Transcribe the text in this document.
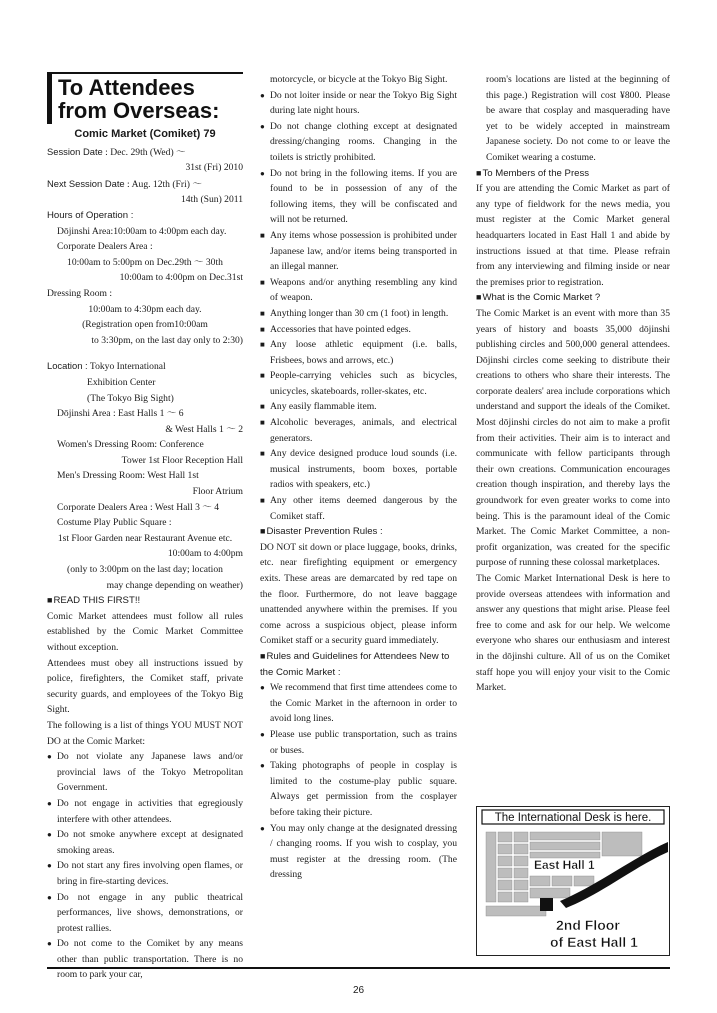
To Attendees
from Overseas:
Comic Market (Comiket) 79
Session Date : Dec. 29th (Wed) ～
31st (Fri) 2010
Next Session Date : Aug. 12th (Fri) ～
14th (Sun) 2011
Hours of Operation :
Dōjinshi Area:10:00am to 4:00pm each day.
Corporate Dealers Area :
10:00am to 5:00pm on Dec.29th ～ 30th
10:00am to 4:00pm on Dec.31st
Dressing Room :
10:00am to 4:30pm each day.
(Registration open from10:00am
to 3:30pm, on the last day only to 2:30)
Location : Tokyo International
Exhibition Center
(The Tokyo Big Sight)
Dōjinshi Area : East Halls 1 ～ 6
& West Halls 1 ～ 2
Women's Dressing Room: Conference
Tower 1st Floor Reception Hall
Men's Dressing Room: West Hall 1st
Floor Atrium
Corporate Dealers Area : West Hall 3 ～ 4
Costume Play Public Square :
1st Floor Garden near Restaurant Avenue etc.
10:00am to 4:00pm
(only to 3:00pm on the last day; location
may change depending on weather)
■ READ THIS FIRST!!
Comic Market attendees must follow all rules established by the Comic Market Committee without exception.
Attendees must obey all instructions issued by police, firefighters, the Comiket staff, private security guards, and employees of the Tokyo Big Sight.
The following is a list of things YOU MUST NOT DO at the Comic Market:
● Do not violate any Japanese laws and/or provincial laws of the Tokyo Metropolitan Government.
● Do not engage in activities that egregiously interfere with other attendees.
● Do not smoke anywhere except at designated smoking areas.
● Do not start any fires involving open flames, or bring in fire-starting devices.
● Do not engage in any public theatrical performances, live shows, demonstrations, or protest rallies.
● Do not come to the Comiket by any means other than public transportation. There is no room to park your car,
motorcycle, or bicycle at the Tokyo Big Sight.
● Do not loiter inside or near the Tokyo Big Sight during late night hours.
● Do not change clothing except at designated dressing/changing rooms. Changing in the toilets is strictly prohibited.
● Do not bring in the following items. If you are found to be in possession of any of the following items, they will be confiscated and will not be returned.
■ Any items whose possession is prohibited under Japanese law, and/or items being transported in an illegal manner.
■ Weapons and/or anything resembling any kind of weapon.
■ Anything longer than 30 cm (1 foot) in length.
■ Accessories that have pointed edges.
■ Any loose athletic equipment (i.e. balls, Frisbees, bows and arrows, etc.)
■ People-carrying vehicles such as bicycles, unicycles, skateboards, roller-skates, etc.
■ Any easily flammable item.
■ Alcoholic beverages, animals, and electrical generators.
■ Any device designed produce loud sounds (i.e. musical instruments, boom boxes, portable radios with speakers, etc.)
■ Any other items deemed dangerous by the Comiket staff.
■ Disaster Prevention Rules :
DO NOT sit down or place luggage, books, drinks, etc. near firefighting equipment or emergency exits. These areas are demarcated by red tape on the floor. Furthermore, do not leave baggage unattended anywhere within the premises. If you come across a suspicious object, please inform Comiket staff or a security guard immediately.
■ Rules and Guidelines for Attendees New to the Comic Market :
● We recommend that first time attendees come to the Comic Market in the afternoon in order to avoid long lines.
● Please use public transportation, such as trains or buses.
● Taking photographs of people in cosplay is limited to the costume-play public square. Always get permission from the cosplayer before taking their picture.
● You may only change at the designated dressing / changing rooms. If you wish to cosplay, you must register at the dressing room. (The dressing
room's locations are listed at the beginning of this page.) Registration will cost ¥800. Please be aware that cosplay and masquerading have yet to be widely accepted in mainstream Japanese society. Do not come to or leave the Comiket wearing a costume.
■ To Members of the Press
If you are attending the Comic Market as part of any type of fieldwork for the news media, you must register at the Comic Market general headquarters located in East Hall 1 and abide by instructions issued at that time. Please refrain from any interviewing and filming inside or near the premises prior to registration.
■ What is the Comic Market ?
The Comic Market is an event with more than 35 years of history and boasts 35,000 dōjinshi publishing circles and 500,000 general attendees. Dōjinshi circles come seeking to distribute their creations to others who share their interests. The corporate dealers' area include corporations which understand and support the ideals of the Comiket. Most dōjinshi circles do not aim to make a profit from their activities. Their aim is to interact and communicate with fellow participants through their own creations. Communication encourages creation though inspiration, and thereby lays the groundwork for even greater works to come into being. This is the paramount ideal of the Comic Market. The Comic Market Committee, a non-profit organization, was created for the specific purpose of running these colossal marketplaces.
The Comic Market International Desk is here to provide overseas attendees with information and answer any questions that might arise. Please feel free to come and ask for our help. We welcome everyone who shares our enthusiasm and interest in the dōjinshi culture. All of us on the Comiket staff hope you will enjoy your visit to the Comic Market.
The International Desk is here.
East Hall 1
2nd Floor
of East Hall 1
26
